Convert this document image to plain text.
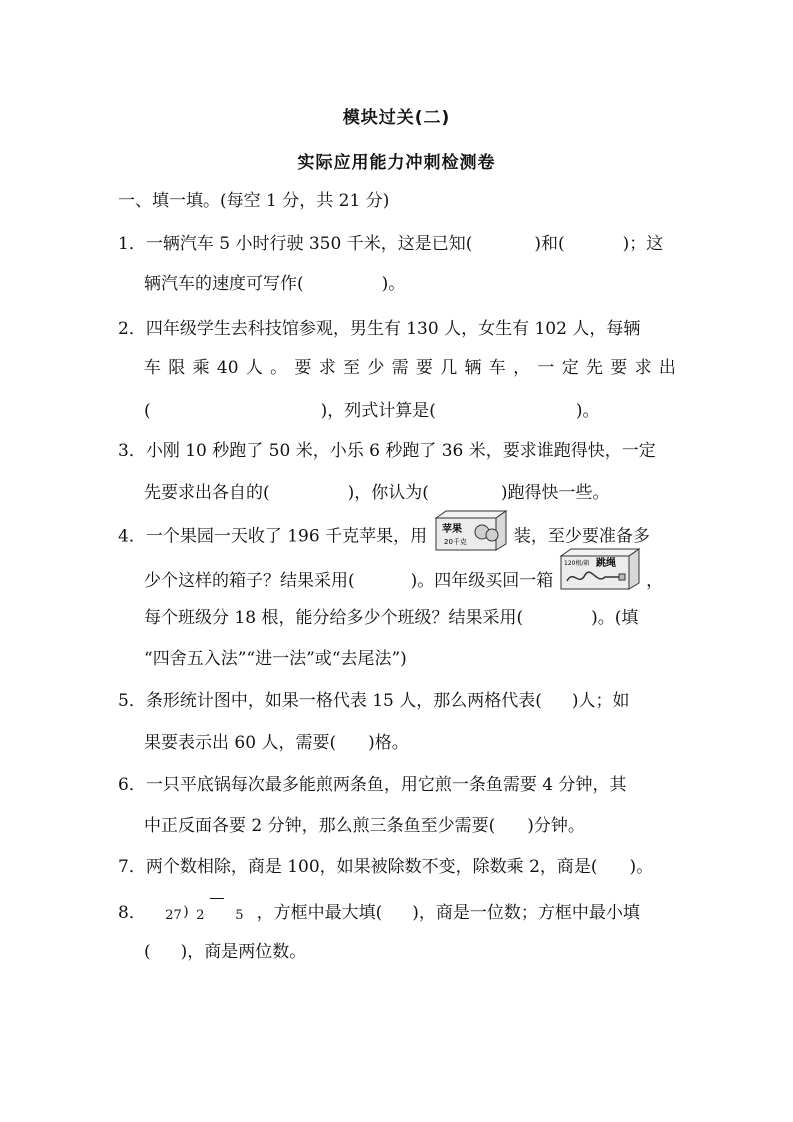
模块过关(二)
实际应用能力冲刺检测卷
一、填一填。(每空 1 分，共 21 分)
1．一辆汽车 5 小时行驶 350 千米，这是已知(	)和(	)；这
辆汽车的速度可写作(	)。
2．四年级学生去科技馆参观，男生有 130 人，女生有 102 人，每辆
车 限 乘 40 人 。 要 求 至 少 需 要 几 辆 车 ， 一 定 先 要 求 出
(	)，列式计算是(	)。
3．小刚 10 秒跑了 50 米，小乐 6 秒跑了 36 米，要求谁跑得快，一定
先要求出各自的(	)，你认为(	)跑得快一些。
4．一个果园一天收了 196 千克苹果，用 苹果
20千克	装，至少要准备多
少个这样的箱子？结果采用(	)。四年级买回一箱
120根/箱 跳绳
，
每个班级分 18 根，能分给多少个班级？结果采用(	)。(填
“四舍五入法”“进一法”或“去尾法”)
5．条形统计图中，如果一格代表 15 人，那么两格代表( )人；如
果要表示出 60 人，需要( )格。
6．一只平底锅每次最多能煎两条鱼，用它煎一条鱼需要 4 分钟，其
中正反面各要 2 分钟，那么煎三条鱼至少需要( )分钟。
7．两个数相除，商是 100，如果被除数不变，除数乘 2，商是( )。
8． 27 ) 2 5 ，方框中最大填( )，商是一位数；方框中最小填
( )，商是两位数。
